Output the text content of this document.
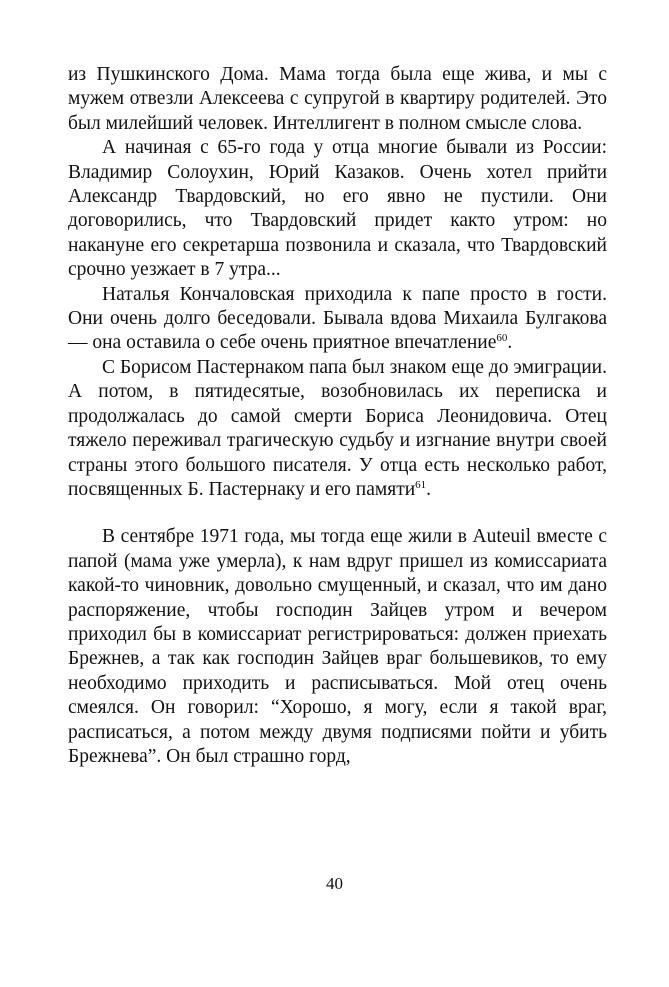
из Пушкинского Дома. Мама тогда была еще жива, и мы с мужем отвезли Алексеева с супругой в квартиру родителей. Это был милейший человек. Интеллигент в полном смысле слова.

А начиная с 65-го года у отца многие бывали из России: Владимир Солоухин, Юрий Казаков. Очень хотел прийти Александр Твардовский, но его явно не пустили. Они договорились, что Твардовский придет както утром: но накануне его секретарша позвонила и сказала, что Твардовский срочно уезжает в 7 утра...

Наталья Кончаловская приходила к папе просто в гости. Они очень долго беседовали. Бывала вдова Михаила Булгакова — она оставила о себе очень приятное впечатление$^{60}$.

С Борисом Пастернаком папа был знаком еще до эмиграции. А потом, в пятидесятые, возобновилась их переписка и продолжалась до самой смерти Бориса Леонидовича. Отец тяжело переживал трагическую судьбу и изгнание внутри своей страны этого большого писателя. У отца есть несколько работ, посвященных Б. Пастернаку и его памяти$^{61}$.

В сентябре 1971 года, мы тогда еще жили в Auteuil вместе с папой (мама уже умерла), к нам вдруг пришел из комиссариата какой-то чиновник, довольно смущенный, и сказал, что им дано распоряжение, чтобы господин Зайцев утром и вечером приходил бы в комиссариат регистрироваться: должен приехать Брежнев, а так как господин Зайцев враг большевиков, то ему необходимо приходить и расписываться. Мой отец очень смеялся. Он говорил: “Хорошо, я могу, если я такой враг, расписаться, а потом между двумя подписями пойти и убить Брежнева”. Он был страшно горд,

40
